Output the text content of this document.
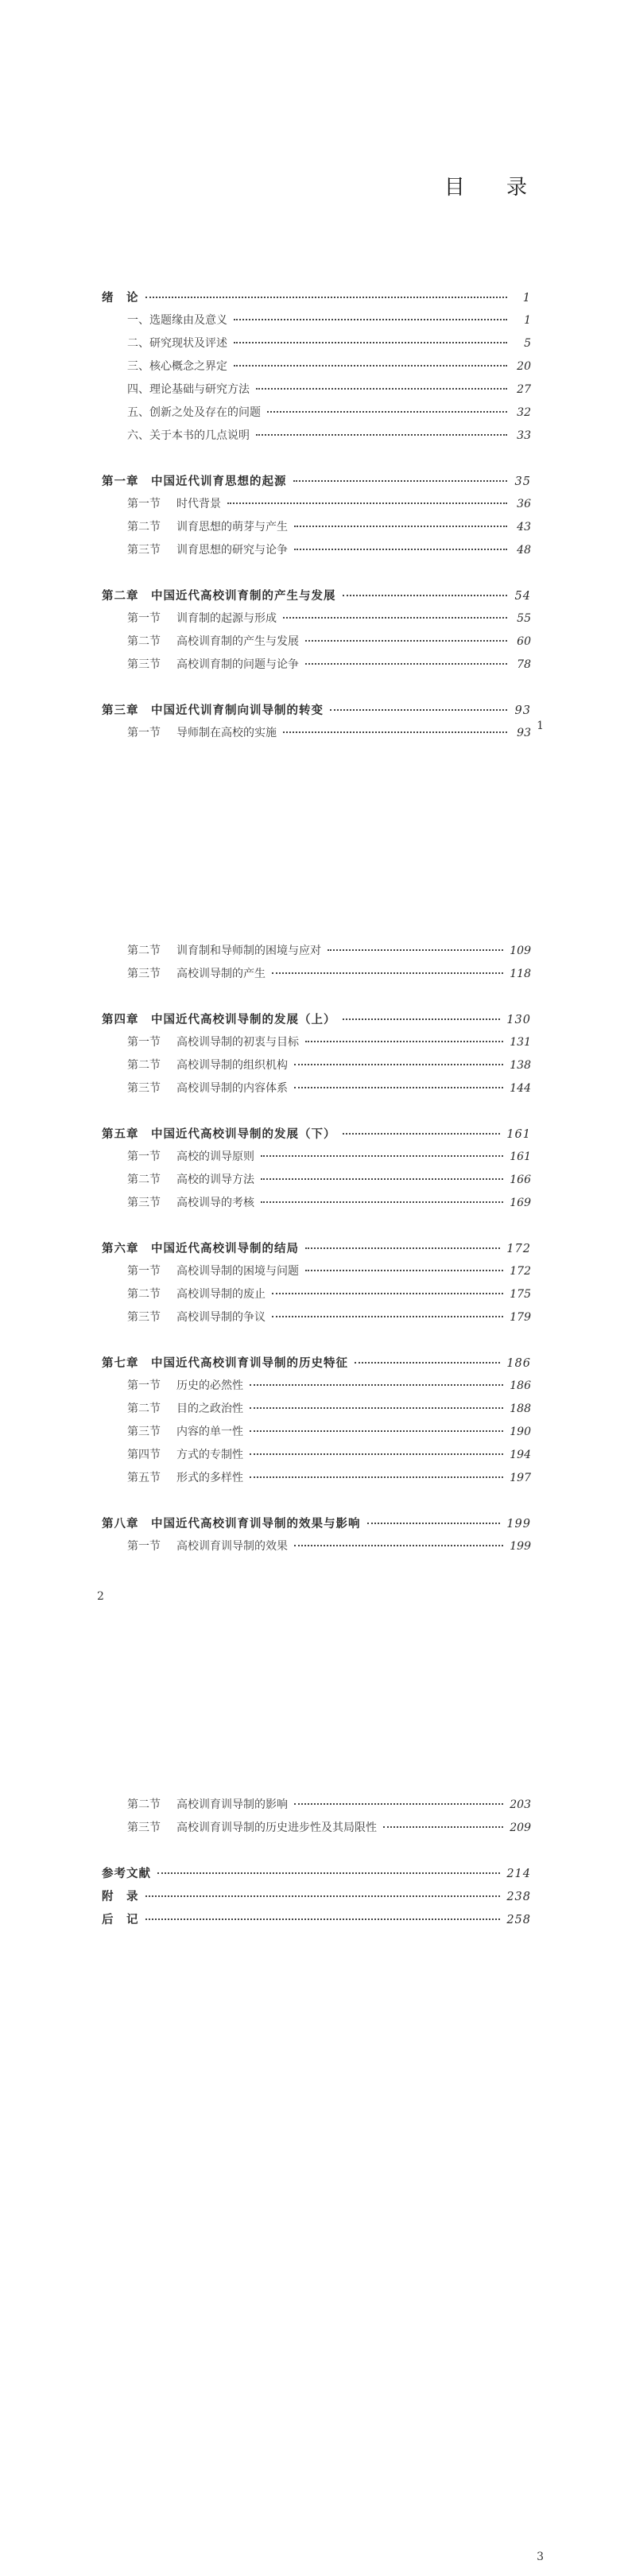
目 录
绪　论	1
一、选题缘由及意义	1
二、研究现状及评述	5
三、核心概念之界定	20
四、理论基础与研究方法	27
五、创新之处及存在的问题	32
六、关于本书的几点说明	33
第一章　中国近代训育思想的起源	35
第一节 时代背景	36
第二节 训育思想的萌芽与产生	43
第三节 训育思想的研究与论争	48
第二章　中国近代高校训育制的产生与发展	54
第一节 训育制的起源与形成	55
第二节 高校训育制的产生与发展	60
第三节 高校训育制的问题与论争	78
第三章　中国近代训育制向训导制的转变	93
第一节 导师制在高校的实施	93
1
第二节 训育制和导师制的困境与应对	109
第三节 高校训导制的产生	118
第四章　中国近代高校训导制的发展（上）	130
第一节 高校训导制的初衷与目标	131
第二节 高校训导制的组织机构	138
第三节 高校训导制的内容体系	144
第五章　中国近代高校训导制的发展（下）	161
第一节 高校的训导原则	161
第二节 高校的训导方法	166
第三节 高校训导的考核	169
第六章　中国近代高校训导制的结局	172
第一节 高校训导制的困境与问题	172
第二节 高校训导制的废止	175
第三节 高校训导制的争议	179
第七章　中国近代高校训育训导制的历史特征	186
第一节 历史的必然性	186
第二节 目的之政治性	188
第三节 内容的单一性	190
第四节 方式的专制性	194
第五节 形式的多样性	197
第八章　中国近代高校训育训导制的效果与影响	199
第一节 高校训育训导制的效果	199
2
第二节 高校训育训导制的影响	203
第三节 高校训育训导制的历史进步性及其局限性	209
参考文献	214
附　录	238
后　记	258
3
